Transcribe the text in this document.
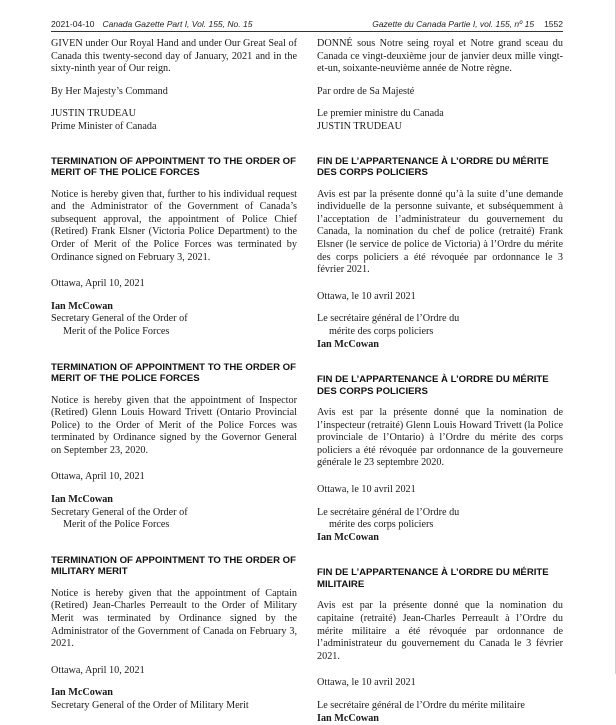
2021-04-10 Canada Gazette Part I, Vol. 155, No. 15	Gazette du Canada Partie I, vol. 155, nº 15 1552

GIVEN under Our Royal Hand and under Our Great Seal of Canada this twenty-second day of January, 2021 and in the sixty-ninth year of Our reign.

By Her Majesty’s Command

JUSTIN TRUDEAU

Prime Minister of Canada

TERMINATION OF APPOINTMENT TO THE ORDER OF MERIT OF THE POLICE FORCES

Notice is hereby given that, further to his individual request and the Administrator of the Government of Canada’s subsequent approval, the appointment of Police Chief (Retired) Frank Elsner (Victoria Police Department) to the Order of Merit of the Police Forces was terminated by Ordinance signed on February 3, 2021.

Ottawa, April 10, 2021

Ian McCowan

Secretary General of the Order of

Merit of the Police Forces

TERMINATION OF APPOINTMENT TO THE ORDER OF MERIT OF THE POLICE FORCES

Notice is hereby given that the appointment of Inspector (Retired) Glenn Louis Howard Trivett (Ontario Provincial Police) to the Order of Merit of the Police Forces was terminated by Ordinance signed by the Governor General on September 23, 2020.

Ottawa, April 10, 2021

Ian McCowan

Secretary General of the Order of

Merit of the Police Forces

TERMINATION OF APPOINTMENT TO THE ORDER OF MILITARY MERIT

Notice is hereby given that the appointment of Captain (Retired) Jean-Charles Perreault to the Order of Military Merit was terminated by Ordinance signed by the Administrator of the Government of Canada on February 3, 2021.

Ottawa, April 10, 2021

Ian McCowan

Secretary General of the Order of Military Merit

DONNÉ sous Notre seing royal et Notre grand sceau du Canada ce vingt-deuxième jour de janvier deux mille vingt-et-un, soixante-neuvième année de Notre règne.

Par ordre de Sa Majesté

Le premier ministre du Canada

JUSTIN TRUDEAU

FIN DE L’APPARTENANCE À L’ORDRE DU MÉRITE DES CORPS POLICIERS

Avis est par la présente donné qu’à la suite d’une demande individuelle de la personne suivante, et subséquemment à l’acceptation de l’administrateur du gouvernement du Canada, la nomination du chef de police (retraité) Frank Elsner (le service de police de Victoria) à l’Ordre du mérite des corps policiers a été révoquée par ordonnance le 3 février 2021.

Ottawa, le 10 avril 2021

Le secrétaire général de l’Ordre du

mérite des corps policiers

Ian McCowan

FIN DE L’APPARTENANCE À L’ORDRE DU MÉRITE DES CORPS POLICIERS

Avis est par la présente donné que la nomination de l’inspecteur (retraité) Glenn Louis Howard Trivett (la Police provinciale de l’Ontario) à l’Ordre du mérite des corps policiers a été révoquée par ordonnance de la gouverneure générale le 23 septembre 2020.

Ottawa, le 10 avril 2021

Le secrétaire général de l’Ordre du

mérite des corps policiers

Ian McCowan

FIN DE L’APPARTENANCE À L’ORDRE DU MÉRITE MILITAIRE

Avis est par la présente donné que la nomination du capitaine (retraité) Jean-Charles Perreault à l’Ordre du mérite militaire a été révoquée par ordonnance de l’administrateur du gouvernement du Canada le 3 février 2021.

Ottawa, le 10 avril 2021

Le secrétaire général de l’Ordre du mérite militaire

Ian McCowan
